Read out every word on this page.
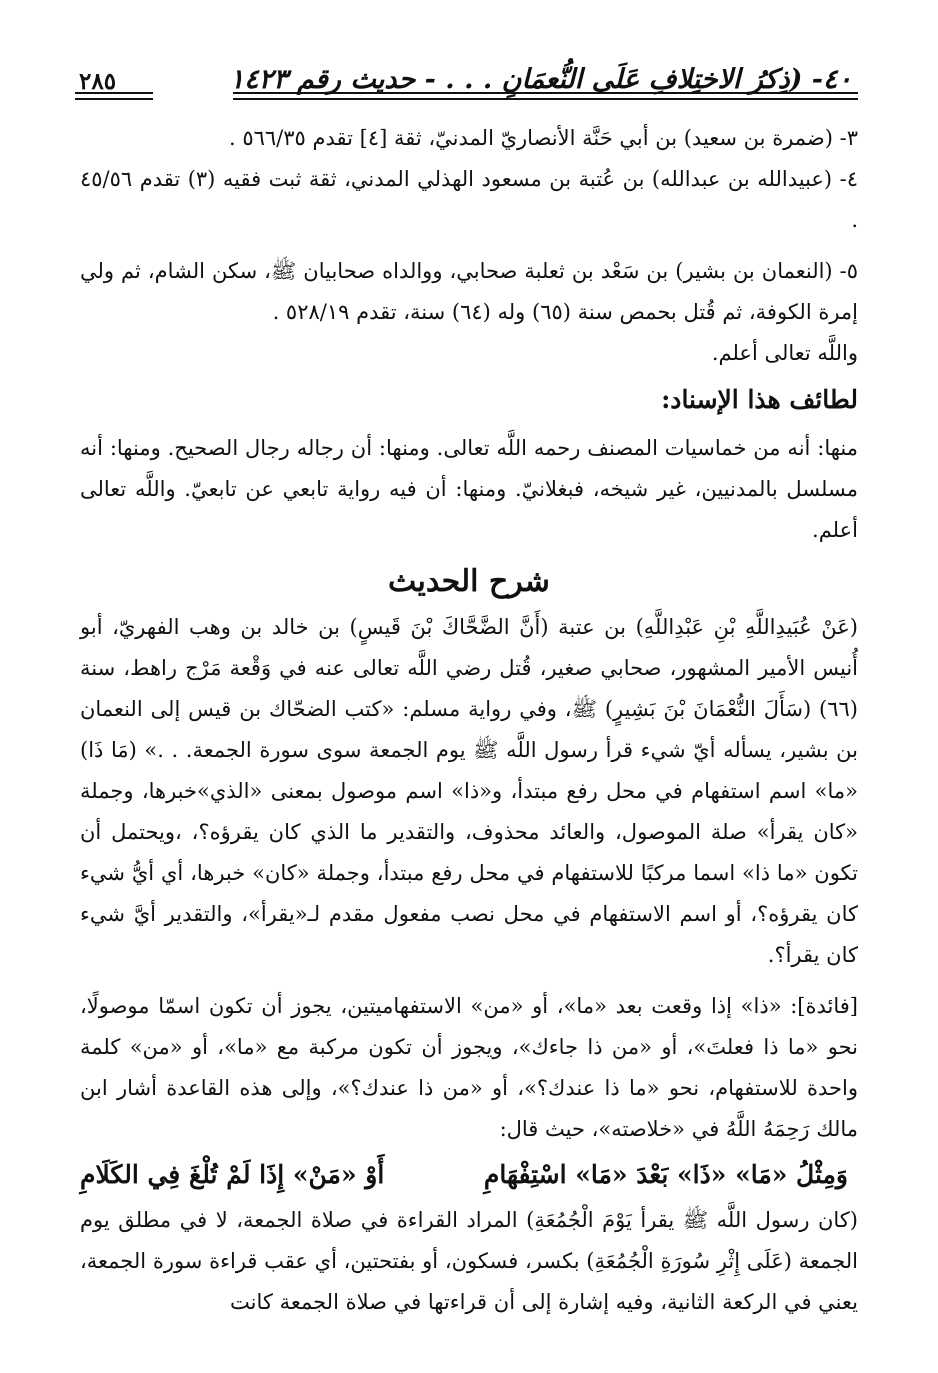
٤٠- (ذِكرُ الاختِلافِ عَلَى النُّعمَانِ . . . - حديث رقم ١٤٢٣
٢٨٥

٣- (ضمرة بن سعيد) بن أبي حَنَّة الأنصاريّ المدنيّ، ثقة [٤] تقدم ٥٦٦/٣٥ .

٤- (عبيدالله بن عبدالله) بن عُتبة بن مسعود الهذلي المدني، ثقة ثبت فقيه (٣) تقدم ٤٥/٥٦ .

٥- (النعمان بن بشير) بن سَعْد بن ثعلبة صحابي، ووالداه صحابيان ﷺ، سكن الشام، ثم ولي إمرة الكوفة، ثم قُتل بحمص سنة (٦٥) وله (٦٤) سنة، تقدم ٥٢٨/١٩ .

واللَّه تعالى أعلم.

لطائف هذا الإسناد:

منها: أنه من خماسيات المصنف رحمه اللَّه تعالى. ومنها: أن رجاله رجال الصحيح. ومنها: أنه مسلسل بالمدنيين، غير شيخه، فبغلانيّ. ومنها: أن فيه رواية تابعي عن تابعيّ. واللَّه تعالى أعلم.

شرح الحديث

(عَنْ عُبَيدِاللَّهِ بْنِ عَبْدِاللَّهِ) بن عتبة (أَنَّ الضَّحَّاكَ بْنَ قَيسٍ) بن خالد بن وهب الفهريّ، أبو أُنيس الأمير المشهور، صحابي صغير، قُتل رضي اللَّه تعالى عنه في وَقْعة مَرْج راهط، سنة (٦٦) (سَأَلَ النُّعْمَانَ بْنَ بَشِيرٍ) ﷺ، وفي رواية مسلم: «كتب الضحّاك بن قيس إلى النعمان بن بشير، يسأله أيّ شيء قرأ رسول اللَّه ﷺ يوم الجمعة سوى سورة الجمعة. . .» (مَا ذَا) «ما» اسم استفهام في محل رفع مبتدأ، و«ذا» اسم موصول بمعنى «الذي»خبرها، وجملة «كان يقرأ» صلة الموصول، والعائد محذوف، والتقدير ما الذي كان يقرؤه؟، ،ويحتمل أن تكون «ما ذا» اسما مركبًا للاستفهام في محل رفع مبتدأ، وجملة «كان» خبرها، أي أيُّ شيء كان يقرؤه؟، أو اسم الاستفهام في محل نصب مفعول مقدم لـ«يقرأ»، والتقدير أيَّ شيء كان يقرأ؟.

[فائدة]: «ذا» إذا وقعت بعد «ما»، أو «من» الاستفهاميتين، يجوز أن تكون اسمّا موصولًا، نحو «ما ذا فعلتَ»، أو «من ذا جاءك»، ويجوز أن تكون مركبة مع «ما»، أو «من» كلمة واحدة للاستفهام، نحو «ما ذا عندك؟»، أو «من ذا عندك؟»، وإلى هذه القاعدة أشار ابن مالك رَحِمَهُ اللَّهُ في «خلاصته»، حيث قال:

وَمِثْلُ «مَا» «ذَا» بَعْدَ «مَا» اسْتِفْهَامِ
أَوْ «مَنْ» إِذَا لَمْ تُلْغَ فِي الكَلَامِ

(كان رسول اللَّه ﷺ يقرأ يَوْمَ الْجُمُعَةِ) المراد القراءة في صلاة الجمعة، لا في مطلق يوم الجمعة (عَلَى إِثْرِ سُورَةِ الْجُمُعَةِ) بكسر، فسكون، أو بفتحتين، أي عقب قراءة سورة الجمعة، يعني في الركعة الثانية، وفيه إشارة إلى أن قراءتها في صلاة الجمعة كانت
